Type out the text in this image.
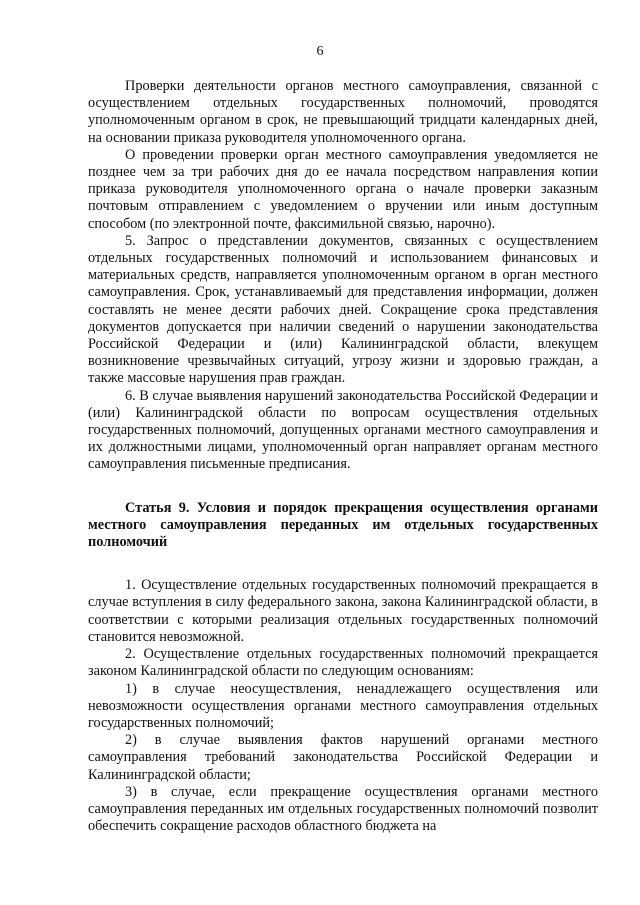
6

Проверки деятельности органов местного самоуправления, связанной с осуществлением отдельных государственных полномочий, проводятся уполномоченным органом в срок, не превышающий тридцати календарных дней, на основании приказа руководителя уполномоченного органа.

О проведении проверки орган местного самоуправления уведомляется не позднее чем за три рабочих дня до ее начала посредством направления копии приказа руководителя уполномоченного органа о начале проверки заказным почтовым отправлением с уведомлением о вручении или иным доступным способом (по электронной почте, факсимильной связью, нарочно).

5. Запрос о представлении документов, связанных с осуществлением отдельных государственных полномочий и использованием финансовых и материальных средств, направляется уполномоченным органом в орган местного самоуправления. Срок, устанавливаемый для представления информации, должен составлять не менее десяти рабочих дней. Сокращение срока представления документов допускается при наличии сведений о нарушении законодательства Российской Федерации и (или) Калининградской области, влекущем возникновение чрезвычайных ситуаций, угрозу жизни и здоровью граждан, а также массовые нарушения прав граждан.

6. В случае выявления нарушений законодательства Российской Федерации и (или) Калининградской области по вопросам осуществления отдельных государственных полномочий, допущенных органами местного самоуправления и их должностными лицами, уполномоченный орган направляет органам местного самоуправления письменные предписания.

Статья 9. Условия и порядок прекращения осуществления органами местного самоуправления переданных им отдельных государственных полномочий

1. Осуществление отдельных государственных полномочий прекращается в случае вступления в силу федерального закона, закона Калининградской области, в соответствии с которыми реализация отдельных государственных полномочий становится невозможной.

2. Осуществление отдельных государственных полномочий прекращается законом Калининградской области по следующим основаниям:

1) в случае неосуществления, ненадлежащего осуществления или невозможности осуществления органами местного самоуправления отдельных государственных полномочий;

2) в случае выявления фактов нарушений органами местного самоуправления требований законодательства Российской Федерации и Калининградской области;

3) в случае, если прекращение осуществления органами местного самоуправления переданных им отдельных государственных полномочий позволит обеспечить сокращение расходов областного бюджета на
